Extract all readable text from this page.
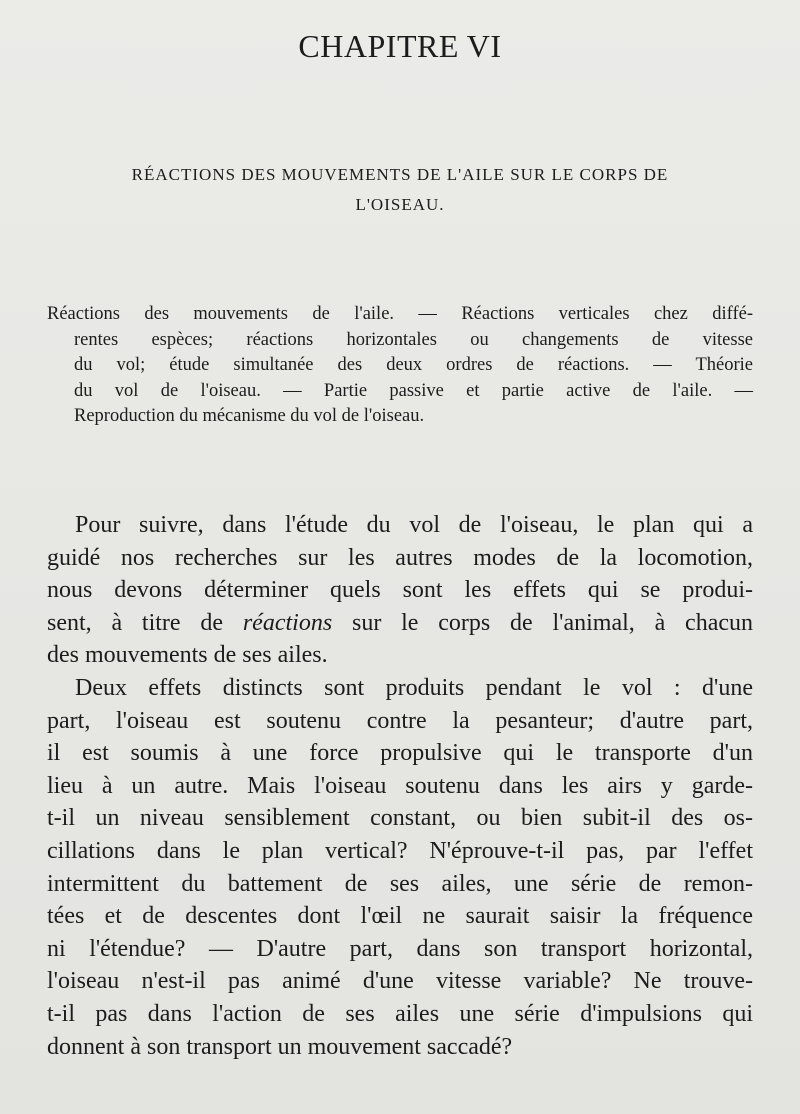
CHAPITRE VI
RÉACTIONS DES MOUVEMENTS DE L'AILE SUR LE CORPS DE
L'OISEAU.
Réactions des mouvements de l'aile. — Réactions verticales chez diffé-
rentes espèces; réactions horizontales ou changements de vitesse
du vol; étude simultanée des deux ordres de réactions. — Théorie
du vol de l'oiseau. — Partie passive et partie active de l'aile. —
Reproduction du mécanisme du vol de l'oiseau.
Pour suivre, dans l'étude du vol de l'oiseau, le plan qui a
guidé nos recherches sur les autres modes de la locomotion,
nous devons déterminer quels sont les effets qui se produi-
sent, à titre de réactions sur le corps de l'animal, à chacun
des mouvements de ses ailes.
Deux effets distincts sont produits pendant le vol : d'une
part, l'oiseau est soutenu contre la pesanteur; d'autre part,
il est soumis à une force propulsive qui le transporte d'un
lieu à un autre. Mais l'oiseau soutenu dans les airs y garde-
t-il un niveau sensiblement constant, ou bien subit-il des os-
cillations dans le plan vertical? N'éprouve-t-il pas, par l'effet
intermittent du battement de ses ailes, une série de remon-
tées et de descentes dont l'œil ne saurait saisir la fréquence
ni l'étendue? — D'autre part, dans son transport horizontal,
l'oiseau n'est-il pas animé d'une vitesse variable? Ne trouve-
t-il pas dans l'action de ses ailes une série d'impulsions qui
donnent à son transport un mouvement saccadé?
